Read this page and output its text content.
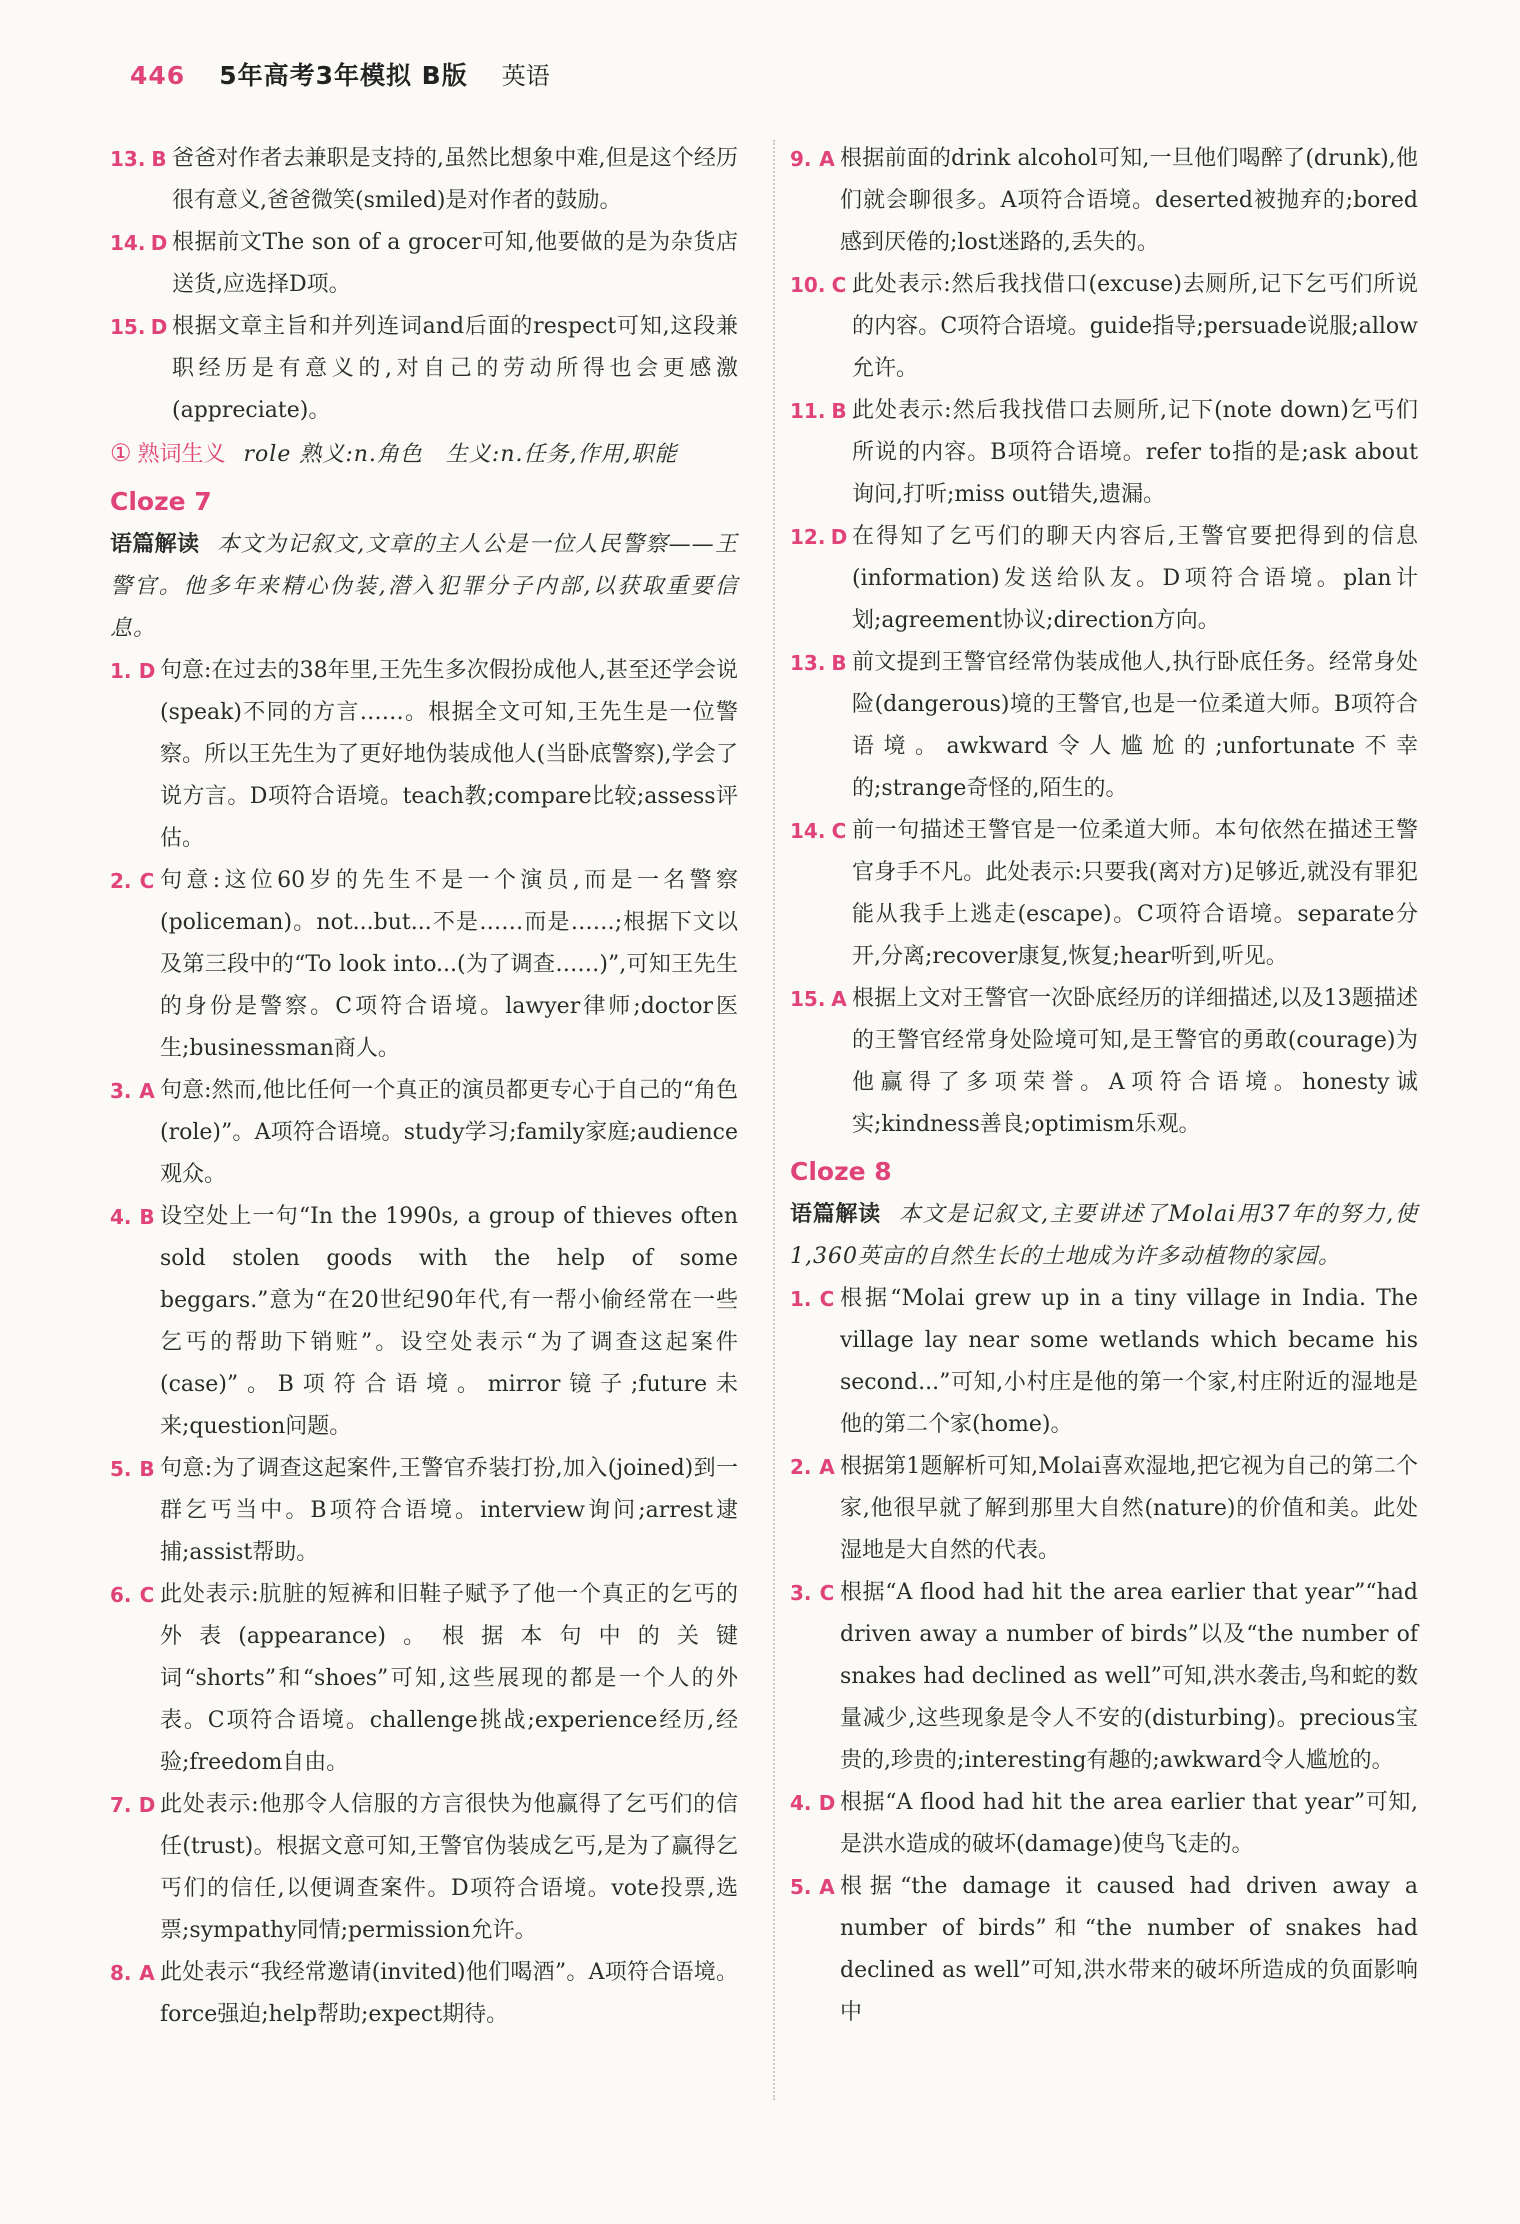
446 5年高考3年模拟 B版 英语
13. B 爸爸对作者去兼职是支持的,虽然比想象中难,但是这个经历很有意义,爸爸微笑(smiled)是对作者的鼓励。
14. D 根据前文The son of a grocer可知,他要做的是为杂货店送货,应选择D项。
15. D 根据文章主旨和并列连词and后面的respect可知,这段兼职经历是有意义的,对自己的劳动所得也会更感激(appreciate)。
① 熟词生义 role 熟义:n.角色　生义:n.任务,作用,职能
Cloze 7
语篇解读 本文为记叙文,文章的主人公是一位人民警察——王警官。他多年来精心伪装,潜入犯罪分子内部,以获取重要信息。
1. D 句意:在过去的38年里,王先生多次假扮成他人,甚至还学会说(speak)不同的方言……。根据全文可知,王先生是一位警察。所以王先生为了更好地伪装成他人(当卧底警察),学会了说方言。D项符合语境。teach教;compare比较;assess评估。
2. C 句意:这位60岁的先生不是一个演员,而是一名警察(policeman)。not...but...不是……而是……;根据下文以及第三段中的“To look into...(为了调查……)”,可知王先生的身份是警察。C项符合语境。lawyer律师;doctor医生;businessman商人。
3. A 句意:然而,他比任何一个真正的演员都更专心于自己的“角色(role)”。A项符合语境。study学习;family家庭;audience观众。
4. B 设空处上一句“In the 1990s, a group of thieves often sold stolen goods with the help of some beggars.”意为“在20世纪90年代,有一帮小偷经常在一些乞丐的帮助下销赃”。设空处表示“为了调查这起案件(case)”。B项符合语境。mirror镜子;future未来;question问题。
5. B 句意:为了调查这起案件,王警官乔装打扮,加入(joined)到一群乞丐当中。B项符合语境。interview询问;arrest逮捕;assist帮助。
6. C 此处表示:肮脏的短裤和旧鞋子赋予了他一个真正的乞丐的外表(appearance)。根据本句中的关键词“shorts”和“shoes”可知,这些展现的都是一个人的外表。C项符合语境。challenge挑战;experience经历,经验;freedom自由。
7. D 此处表示:他那令人信服的方言很快为他赢得了乞丐们的信任(trust)。根据文意可知,王警官伪装成乞丐,是为了赢得乞丐们的信任,以便调查案件。D项符合语境。vote投票,选票;sympathy同情;permission允许。
8. A 此处表示“我经常邀请(invited)他们喝酒”。A项符合语境。force强迫;help帮助;expect期待。
9. A 根据前面的drink alcohol可知,一旦他们喝醉了(drunk),他们就会聊很多。A项符合语境。deserted被抛弃的;bored感到厌倦的;lost迷路的,丢失的。
10. C 此处表示:然后我找借口(excuse)去厕所,记下乞丐们所说的内容。C项符合语境。guide指导;persuade说服;allow允许。
11. B 此处表示:然后我找借口去厕所,记下(note down)乞丐们所说的内容。B项符合语境。refer to指的是;ask about询问,打听;miss out错失,遗漏。
12. D 在得知了乞丐们的聊天内容后,王警官要把得到的信息(information)发送给队友。D项符合语境。plan计划;agreement协议;direction方向。
13. B 前文提到王警官经常伪装成他人,执行卧底任务。经常身处险(dangerous)境的王警官,也是一位柔道大师。B项符合语境。awkward令人尴尬的;unfortunate不幸的;strange奇怪的,陌生的。
14. C 前一句描述王警官是一位柔道大师。本句依然在描述王警官身手不凡。此处表示:只要我(离对方)足够近,就没有罪犯能从我手上逃走(escape)。C项符合语境。separate分开,分离;recover康复,恢复;hear听到,听见。
15. A 根据上文对王警官一次卧底经历的详细描述,以及13题描述的王警官经常身处险境可知,是王警官的勇敢(courage)为他赢得了多项荣誉。A项符合语境。honesty诚实;kindness善良;optimism乐观。
Cloze 8
语篇解读 本文是记叙文,主要讲述了Molai用37年的努力,使1,360英亩的自然生长的土地成为许多动植物的家园。
1. C 根据“Molai grew up in a tiny village in India. The village lay near some wetlands which became his second...”可知,小村庄是他的第一个家,村庄附近的湿地是他的第二个家(home)。
2. A 根据第1题解析可知,Molai喜欢湿地,把它视为自己的第二个家,他很早就了解到那里大自然(nature)的价值和美。此处湿地是大自然的代表。
3. C 根据“A flood had hit the area earlier that year”“had driven away a number of birds”以及“the number of snakes had declined as well”可知,洪水袭击,鸟和蛇的数量减少,这些现象是令人不安的(disturbing)。precious宝贵的,珍贵的;interesting有趣的;awkward令人尴尬的。
4. D 根据“A flood had hit the area earlier that year”可知,是洪水造成的破坏(damage)使鸟飞走的。
5. A 根据“the damage it caused had driven away a number of birds”和“the number of snakes had declined as well”可知,洪水带来的破坏所造成的负面影响中
